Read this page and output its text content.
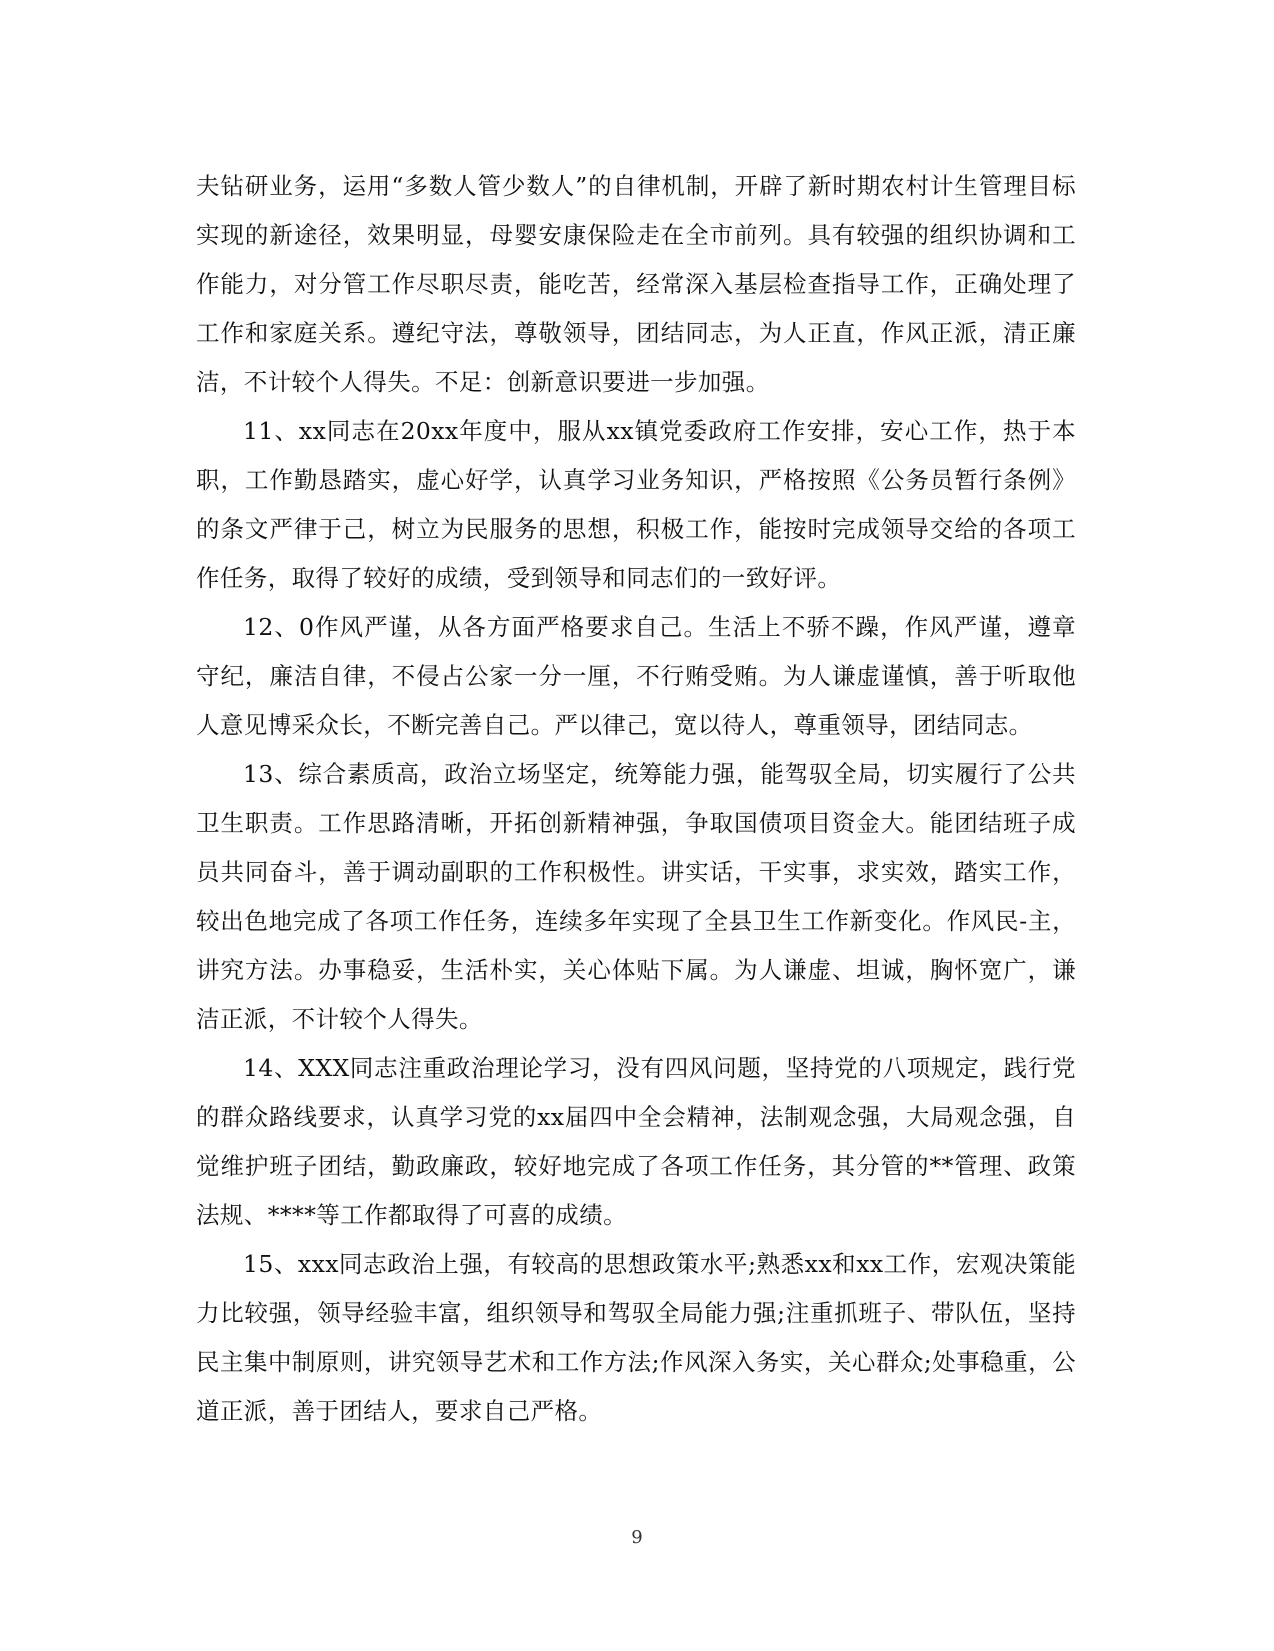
夫钻研业务，运用“多数人管少数人”的自律机制，开辟了新时期农村计生管理目标实现的新途径，效果明显，母婴安康保险走在全市前列。具有较强的组织协调和工作能力，对分管工作尽职尽责，能吃苦，经常深入基层检查指导工作，正确处理了工作和家庭关系。遵纪守法，尊敬领导，团结同志，为人正直，作风正派，清正廉洁，不计较个人得失。不足：创新意识要进一步加强。

11、xx同志在20xx年度中，服从xx镇党委政府工作安排，安心工作，热于本职，工作勤恳踏实，虚心好学，认真学习业务知识，严格按照《公务员暂行条例》的条文严律于己，树立为民服务的思想，积极工作，能按时完成领导交给的各项工作任务，取得了较好的成绩，受到领导和同志们的一致好评。

12、0作风严谨，从各方面严格要求自己。生活上不骄不躁，作风严谨，遵章守纪，廉洁自律，不侵占公家一分一厘，不行贿受贿。为人谦虚谨慎，善于听取他人意见博采众长，不断完善自己。严以律己，宽以待人，尊重领导，团结同志。

13、综合素质高，政治立场坚定，统筹能力强，能驾驭全局，切实履行了公共卫生职责。工作思路清晰，开拓创新精神强，争取国债项目资金大。能团结班子成员共同奋斗，善于调动副职的工作积极性。讲实话，干实事，求实效，踏实工作，较出色地完成了各项工作任务，连续多年实现了全县卫生工作新变化。作风民-主，讲究方法。办事稳妥，生活朴实，关心体贴下属。为人谦虚、坦诚，胸怀宽广，谦洁正派，不计较个人得失。

14、XXX同志注重政治理论学习，没有四风问题，坚持党的八项规定，践行党的群众路线要求，认真学习党的xx届四中全会精神，法制观念强，大局观念强，自觉维护班子团结，勤政廉政，较好地完成了各项工作任务，其分管的**管理、政策法规、****等工作都取得了可喜的成绩。

15、xxx同志政治上强，有较高的思想政策水平;熟悉xx和xx工作，宏观决策能力比较强，领导经验丰富，组织领导和驾驭全局能力强;注重抓班子、带队伍，坚持民主集中制原则，讲究领导艺术和工作方法;作风深入务实，关心群众;处事稳重，公道正派，善于团结人，要求自己严格。

9
